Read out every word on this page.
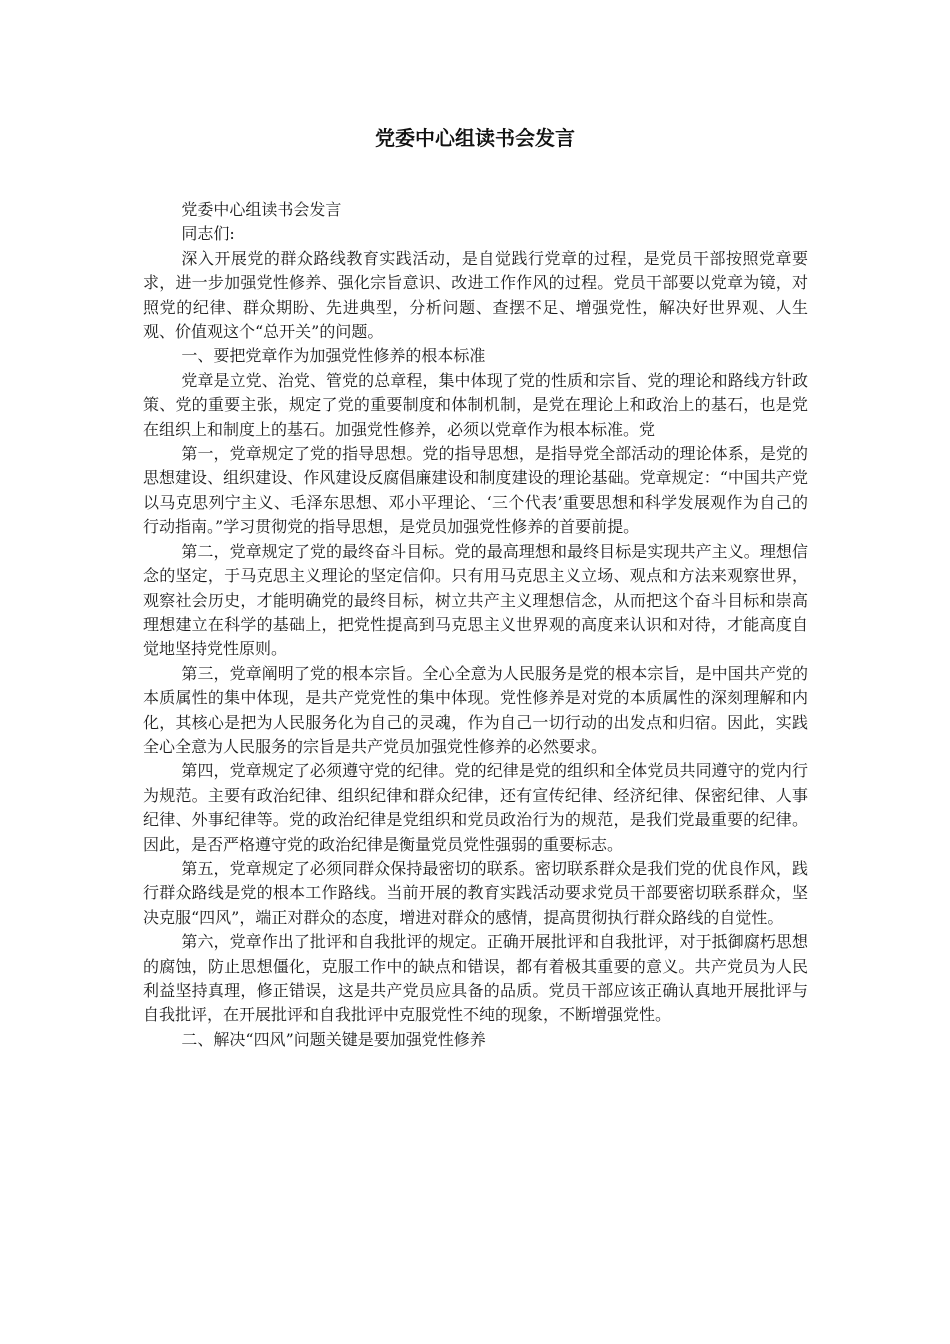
党委中心组读书会发言

党委中心组读书会发言

同志们:

深入开展党的群众路线教育实践活动，是自觉践行党章的过程，是党员干部按照党章要求，进一步加强党性修养、强化宗旨意识、改进工作作风的过程。党员干部要以党章为镜，对照党的纪律、群众期盼、先进典型，分析问题、查摆不足、增强党性，解决好世界观、人生观、价值观这个“总开关”的问题。

一、要把党章作为加强党性修养的根本标准

党章是立党、治党、管党的总章程，集中体现了党的性质和宗旨、党的理论和路线方针政策、党的重要主张，规定了党的重要制度和体制机制，是党在理论上和政治上的基石，也是党在组织上和制度上的基石。加强党性修养，必须以党章作为根本标准。党

第一，党章规定了党的指导思想。党的指导思想，是指导党全部活动的理论体系，是党的思想建设、组织建设、作风建设反腐倡廉建设和制度建设的理论基础。党章规定：“中国共产党以马克思列宁主义、毛泽东思想、邓小平理论、‘三个代表’重要思想和科学发展观作为自己的行动指南。”学习贯彻党的指导思想，是党员加强党性修养的首要前提。

第二，党章规定了党的最终奋斗目标。党的最高理想和最终目标是实现共产主义。理想信念的坚定，于马克思主义理论的坚定信仰。只有用马克思主义立场、观点和方法来观察世界，观察社会历史，才能明确党的最终目标，树立共产主义理想信念，从而把这个奋斗目标和崇高理想建立在科学的基础上，把党性提高到马克思主义世界观的高度来认识和对待，才能高度自觉地坚持党性原则。

第三，党章阐明了党的根本宗旨。全心全意为人民服务是党的根本宗旨，是中国共产党的本质属性的集中体现，是共产党党性的集中体现。党性修养是对党的本质属性的深刻理解和内化，其核心是把为人民服务化为自己的灵魂，作为自己一切行动的出发点和归宿。因此，实践全心全意为人民服务的宗旨是共产党员加强党性修养的必然要求。

第四，党章规定了必须遵守党的纪律。党的纪律是党的组织和全体党员共同遵守的党内行为规范。主要有政治纪律、组织纪律和群众纪律，还有宣传纪律、经济纪律、保密纪律、人事纪律、外事纪律等。党的政治纪律是党组织和党员政治行为的规范，是我们党最重要的纪律。因此，是否严格遵守党的政治纪律是衡量党员党性强弱的重要标志。

第五，党章规定了必须同群众保持最密切的联系。密切联系群众是我们党的优良作风，践行群众路线是党的根本工作路线。当前开展的教育实践活动要求党员干部要密切联系群众，坚决克服“四风”，端正对群众的态度，增进对群众的感情，提高贯彻执行群众路线的自觉性。

第六，党章作出了批评和自我批评的规定。正确开展批评和自我批评，对于抵御腐朽思想的腐蚀，防止思想僵化，克服工作中的缺点和错误，都有着极其重要的意义。共产党员为人民利益坚持真理，修正错误，这是共产党员应具备的品质。党员干部应该正确认真地开展批评与自我批评，在开展批评和自我批评中克服党性不纯的现象，不断增强党性。

二、解决“四风”问题关键是要加强党性修养
